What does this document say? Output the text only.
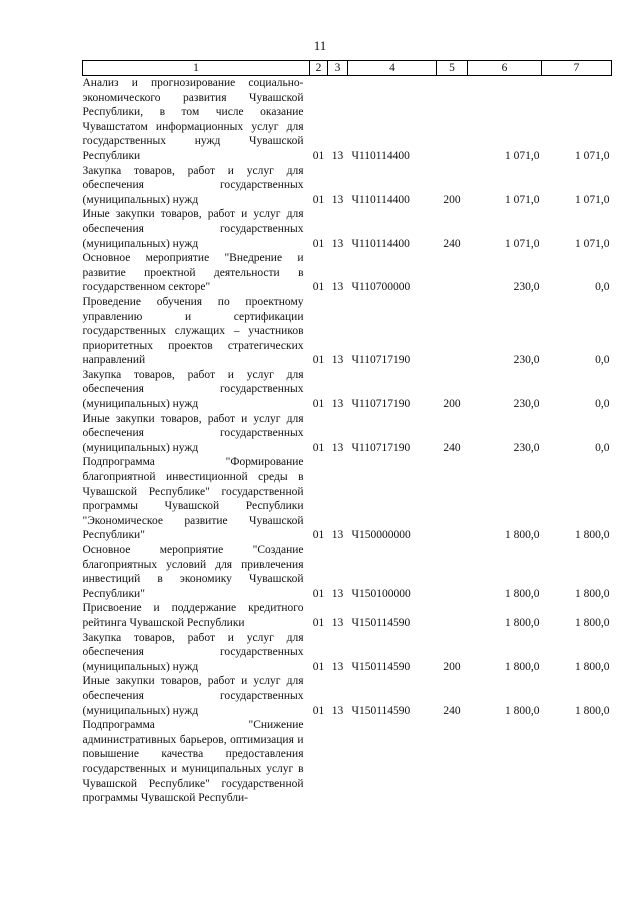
11
1	2	3	4	5	6	7
Анализ и прогнозирование социально-экономического развития Чувашской Республики, в том числе оказание Чувашстатом информационных услуг для государственных нужд Чувашской Республики	01	13	Ч110114400		1 071,0	1 071,0
Закупка товаров, работ и услуг для обеспечения государственных (муниципальных) нужд	01	13	Ч110114400	200	1 071,0	1 071,0
Иные закупки товаров, работ и услуг для обеспечения государственных (муниципальных) нужд	01	13	Ч110114400	240	1 071,0	1 071,0
Основное мероприятие "Внедрение и развитие проектной деятельности в государственном секторе"	01	13	Ч110700000		230,0	0,0
Проведение обучения по проектному управлению и сертификации государственных служащих – участников приоритетных проектов стратегических направлений	01	13	Ч110717190		230,0	0,0
Закупка товаров, работ и услуг для обеспечения государственных (муниципальных) нужд	01	13	Ч110717190	200	230,0	0,0
Иные закупки товаров, работ и услуг для обеспечения государственных (муниципальных) нужд	01	13	Ч110717190	240	230,0	0,0
Подпрограмма "Формирование благоприятной инвестиционной среды в Чувашской Республике" государственной программы Чувашской Республики "Экономическое развитие Чувашской Республики"	01	13	Ч150000000		1 800,0	1 800,0
Основное мероприятие "Создание благоприятных условий для привлечения инвестиций в экономику Чувашской Республики"	01	13	Ч150100000		1 800,0	1 800,0
Присвоение и поддержание кредитного рейтинга Чувашской Республики	01	13	Ч150114590		1 800,0	1 800,0
Закупка товаров, работ и услуг для обеспечения государственных (муниципальных) нужд	01	13	Ч150114590	200	1 800,0	1 800,0
Иные закупки товаров, работ и услуг для обеспечения государственных (муниципальных) нужд	01	13	Ч150114590	240	1 800,0	1 800,0
Подпрограмма "Снижение административных барьеров, оптимизация и повышение качества предоставления государственных и муниципальных услуг в Чувашской Республике" государственной программы Чувашской Республи-						
